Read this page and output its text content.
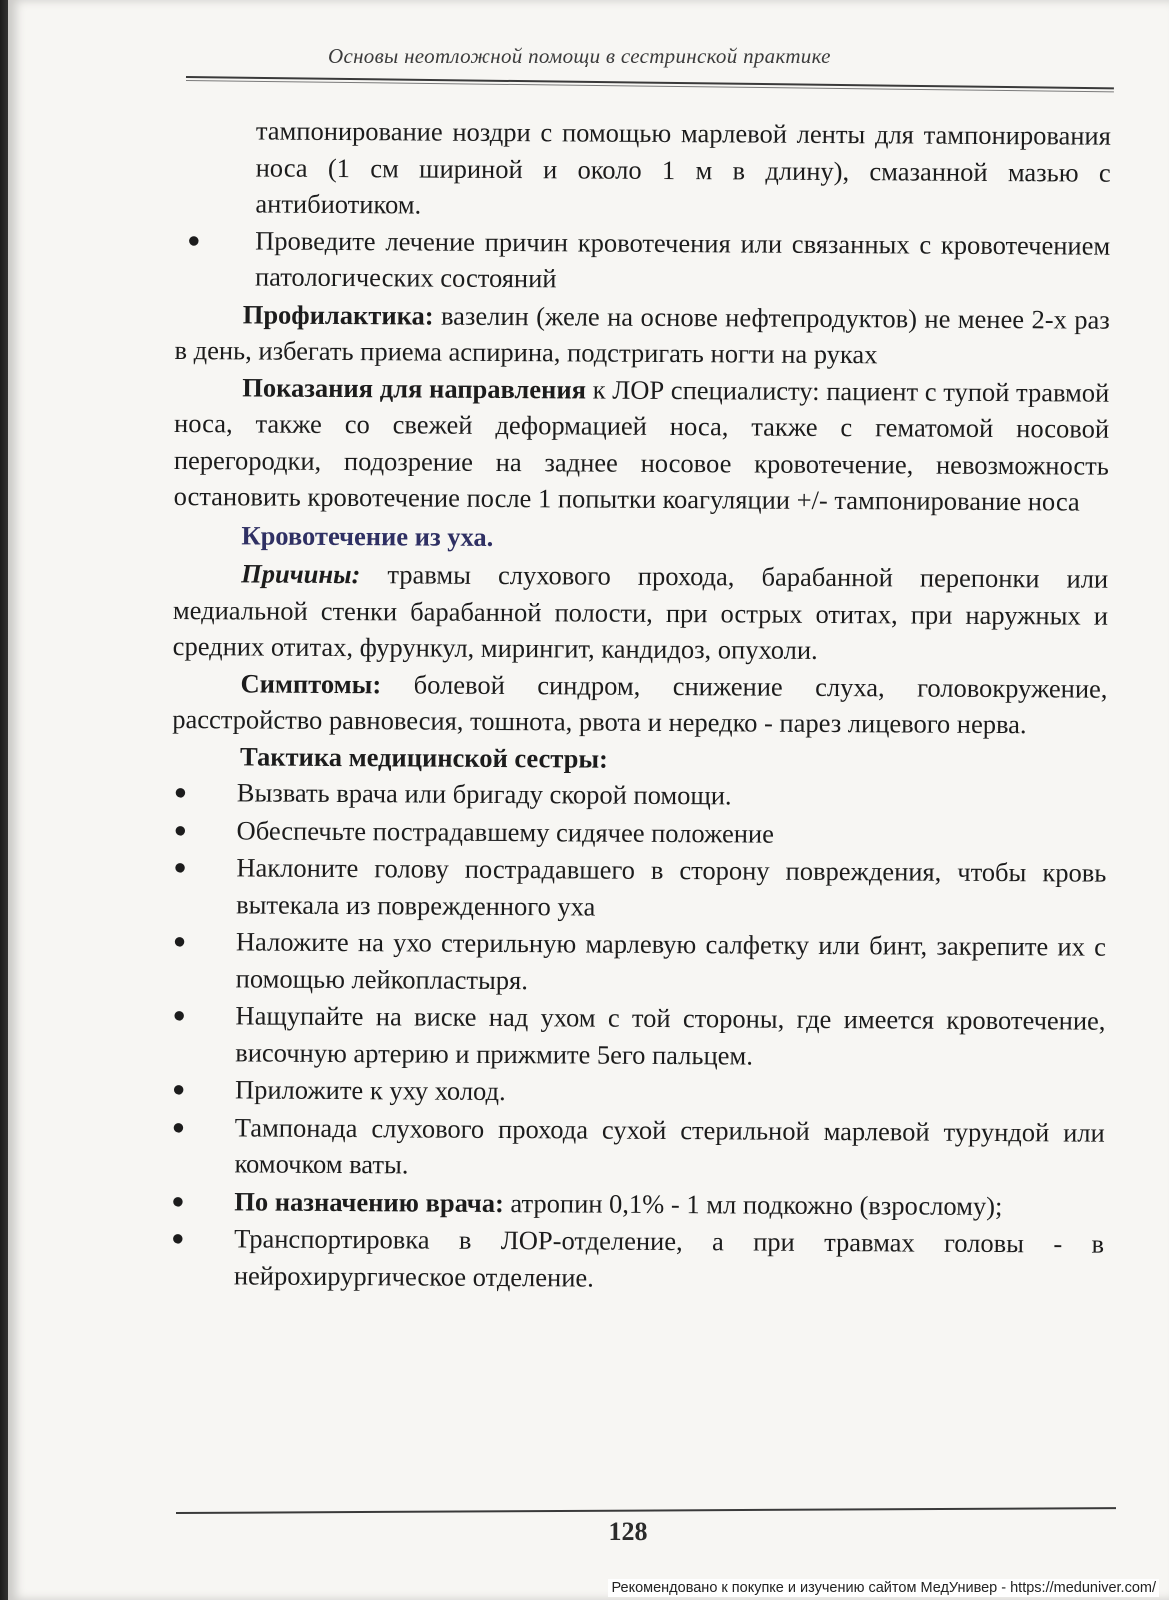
Основы неотложной помощи в сестринской практике
тампонирование ноздри с помощью марлевой ленты для тампонирования носа (1 см шириной и около 1 м в длину), смазанной мазью с антибиотиком.
● Проведите лечение причин кровотечения или связанных с кровотечением патологических состояний
Профилактика: вазелин (желе на основе нефтепродуктов) не менее 2-х раз в день, избегать приема аспирина, подстригать ногти на руках
Показания для направления к ЛОР специалисту: пациент с тупой травмой носа, также со свежей деформацией носа, также с гематомой носовой перегородки, подозрение на заднее носовое кровотечение, невозможность остановить кровотечение после 1 попытки коагуляции +/- тампонирование носа
Кровотечение из уха.
Причины: травмы слухового прохода, барабанной перепонки или медиальной стенки барабанной полости, при острых отитах, при наружных и средних отитах, фурункул, мирингит, кандидоз, опухоли.
Симптомы: болевой синдром, снижение слуха, головокружение, расстройство равновесия, тошнота, рвота и нередко - парез лицевого нерва.
Тактика медицинской сестры:
● Вызвать врача или бригаду скорой помощи.
● Обеспечьте пострадавшему сидячее положение
● Наклоните голову пострадавшего в сторону повреждения, чтобы кровь вытекала из поврежденного уха
● Наложите на ухо стерильную марлевую салфетку или бинт, закрепите их с помощью лейкопластыря.
● Нащупайте на виске над ухом с той стороны, где имеется кровотечение, височную артерию и прижмите 5его пальцем.
● Приложите к уху холод.
● Тампонада слухового прохода сухой стерильной марлевой турундой или комочком ваты.
● По назначению врача: атропин 0,1% - 1 мл подкожно (взрослому);
● Транспортировка в ЛОР-отделение, а при травмах головы - в нейрохирургическое отделение.
128
Рекомендовано к покупке и изучению сайтом МедУнивер - https://meduniver.com/
